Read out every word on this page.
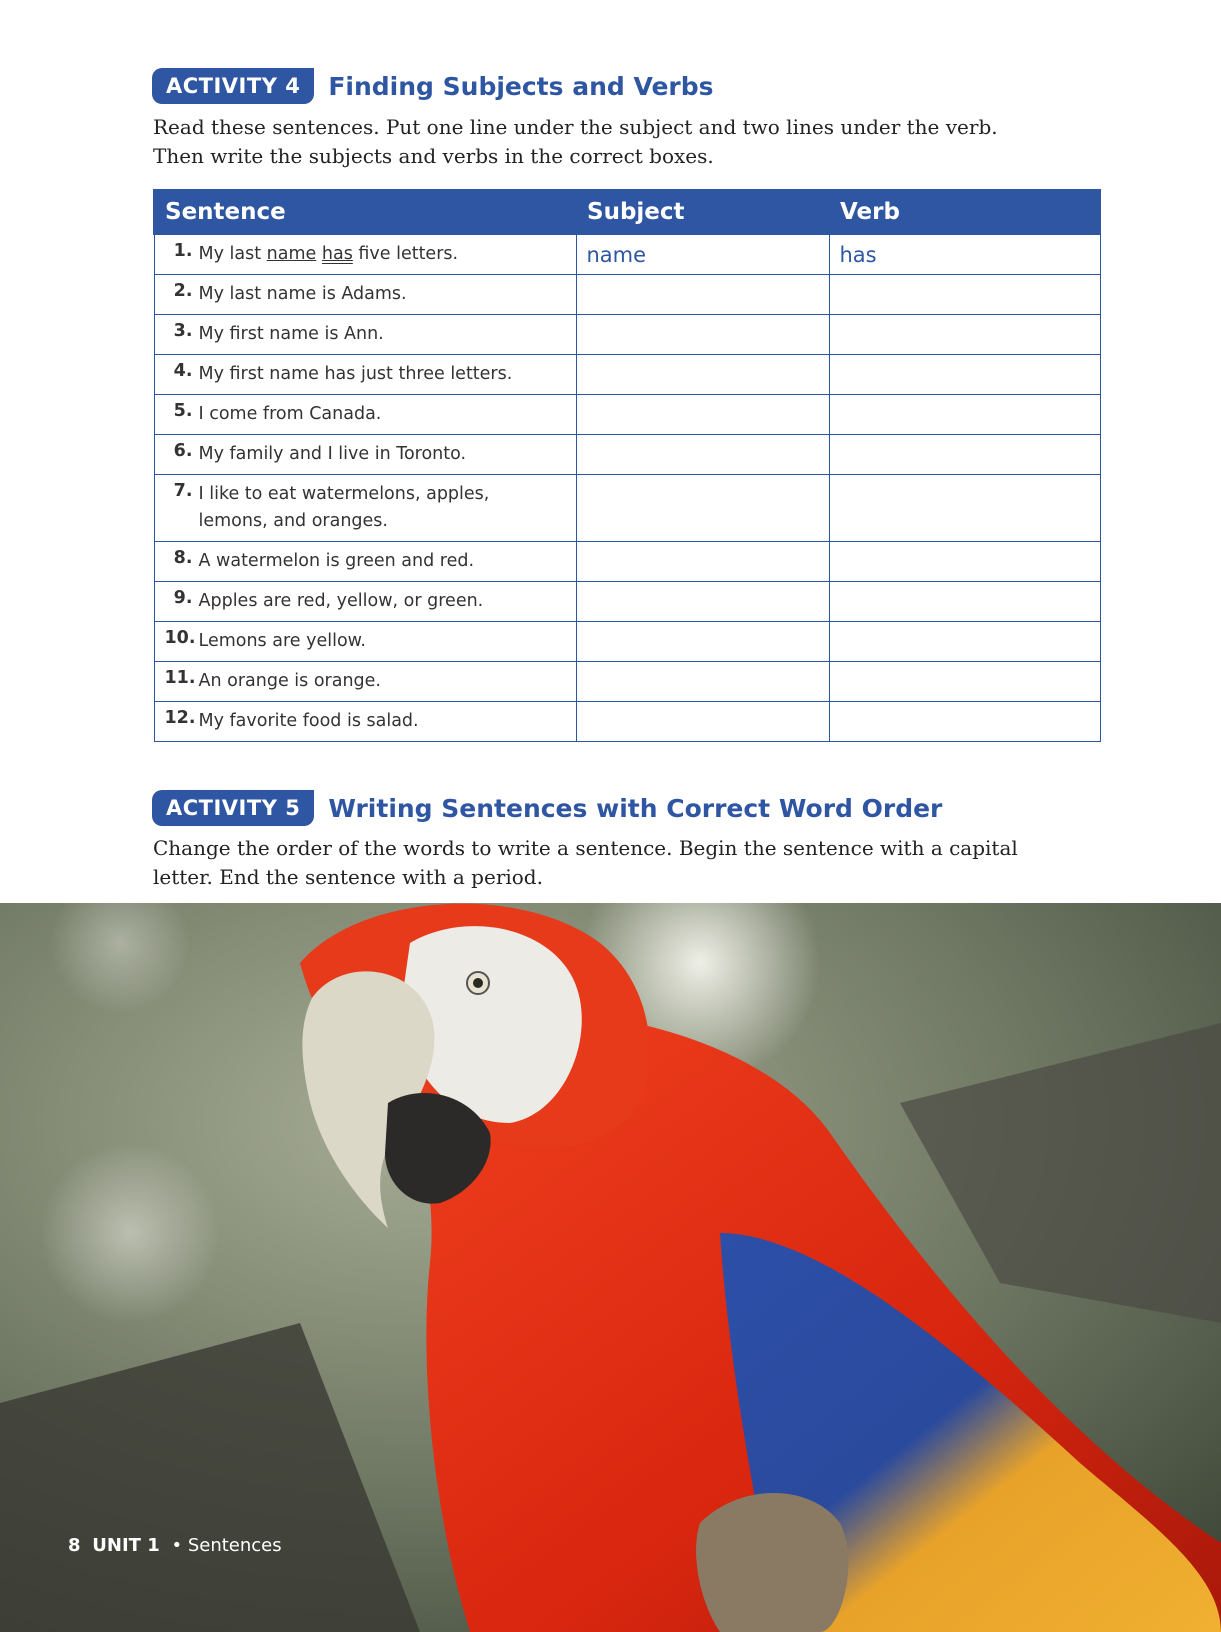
ACTIVITY 4	Finding Subjects and Verbs
Read these sentences. Put one line under the subject and two lines under the verb. Then write the subjects and verbs in the correct boxes.
Sentence	Subject	Verb
1. My last name has five letters.	name	has
2. My last name is Adams.		
3. My first name is Ann.		
4. My first name has just three letters.		
5. I come from Canada.		
6. My family and I live in Toronto.		
7. I like to eat watermelons, apples, lemons, and oranges.		
8. A watermelon is green and red.		
9. Apples are red, yellow, or green.		
10. Lemons are yellow.		
11. An orange is orange.		
12. My favorite food is salad.		
ACTIVITY 5	Writing Sentences with Correct Word Order
Change the order of the words to write a sentence. Begin the sentence with a capital letter. End the sentence with a period.
8 UNIT 1 • Sentences
